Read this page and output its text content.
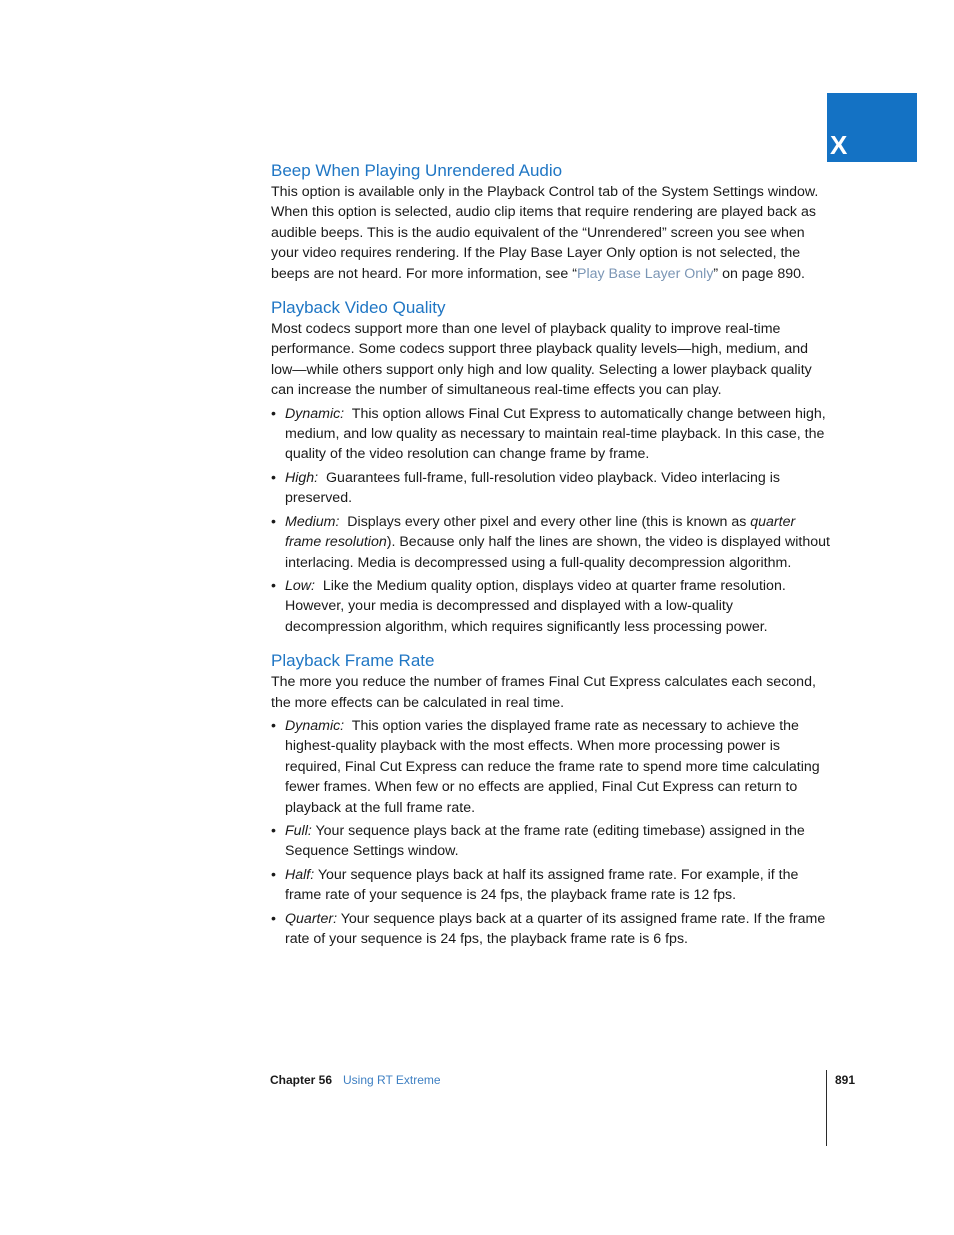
X
Beep When Playing Unrendered Audio

This option is available only in the Playback Control tab of the System Settings window. When this option is selected, audio clip items that require rendering are played back as audible beeps. This is the audio equivalent of the “Unrendered” screen you see when your video requires rendering. If the Play Base Layer Only option is not selected, the beeps are not heard. For more information, see “Play Base Layer Only” on page 890.

Playback Video Quality

Most codecs support more than one level of playback quality to improve real-time performance. Some codecs support three playback quality levels—high, medium, and low—while others support only high and low quality. Selecting a lower playback quality can increase the number of simultaneous real-time effects you can play.

• Dynamic: This option allows Final Cut Express to automatically change between high, medium, and low quality as necessary to maintain real-time playback. In this case, the quality of the video resolution can change frame by frame.
• High: Guarantees full-frame, full-resolution video playback. Video interlacing is preserved.
• Medium: Displays every other pixel and every other line (this is known as quarter frame resolution). Because only half the lines are shown, the video is displayed without interlacing. Media is decompressed using a full-quality decompression algorithm.
• Low: Like the Medium quality option, displays video at quarter frame resolution. However, your media is decompressed and displayed with a low-quality decompression algorithm, which requires significantly less processing power.
Playback Frame Rate

The more you reduce the number of frames Final Cut Express calculates each second, the more effects can be calculated in real time.

• Dynamic: This option varies the displayed frame rate as necessary to achieve the highest-quality playback with the most effects. When more processing power is required, Final Cut Express can reduce the frame rate to spend more time calculating fewer frames. When few or no effects are applied, Final Cut Express can return to playback at the full frame rate.
• Full: Your sequence plays back at the frame rate (editing timebase) assigned in the Sequence Settings window.
• Half: Your sequence plays back at half its assigned frame rate. For example, if the frame rate of your sequence is 24 fps, the playback frame rate is 12 fps.
• Quarter: Your sequence plays back at a quarter of its assigned frame rate. If the frame rate of your sequence is 24 fps, the playback frame rate is 6 fps.
Chapter 56 Using RT Extreme	891
